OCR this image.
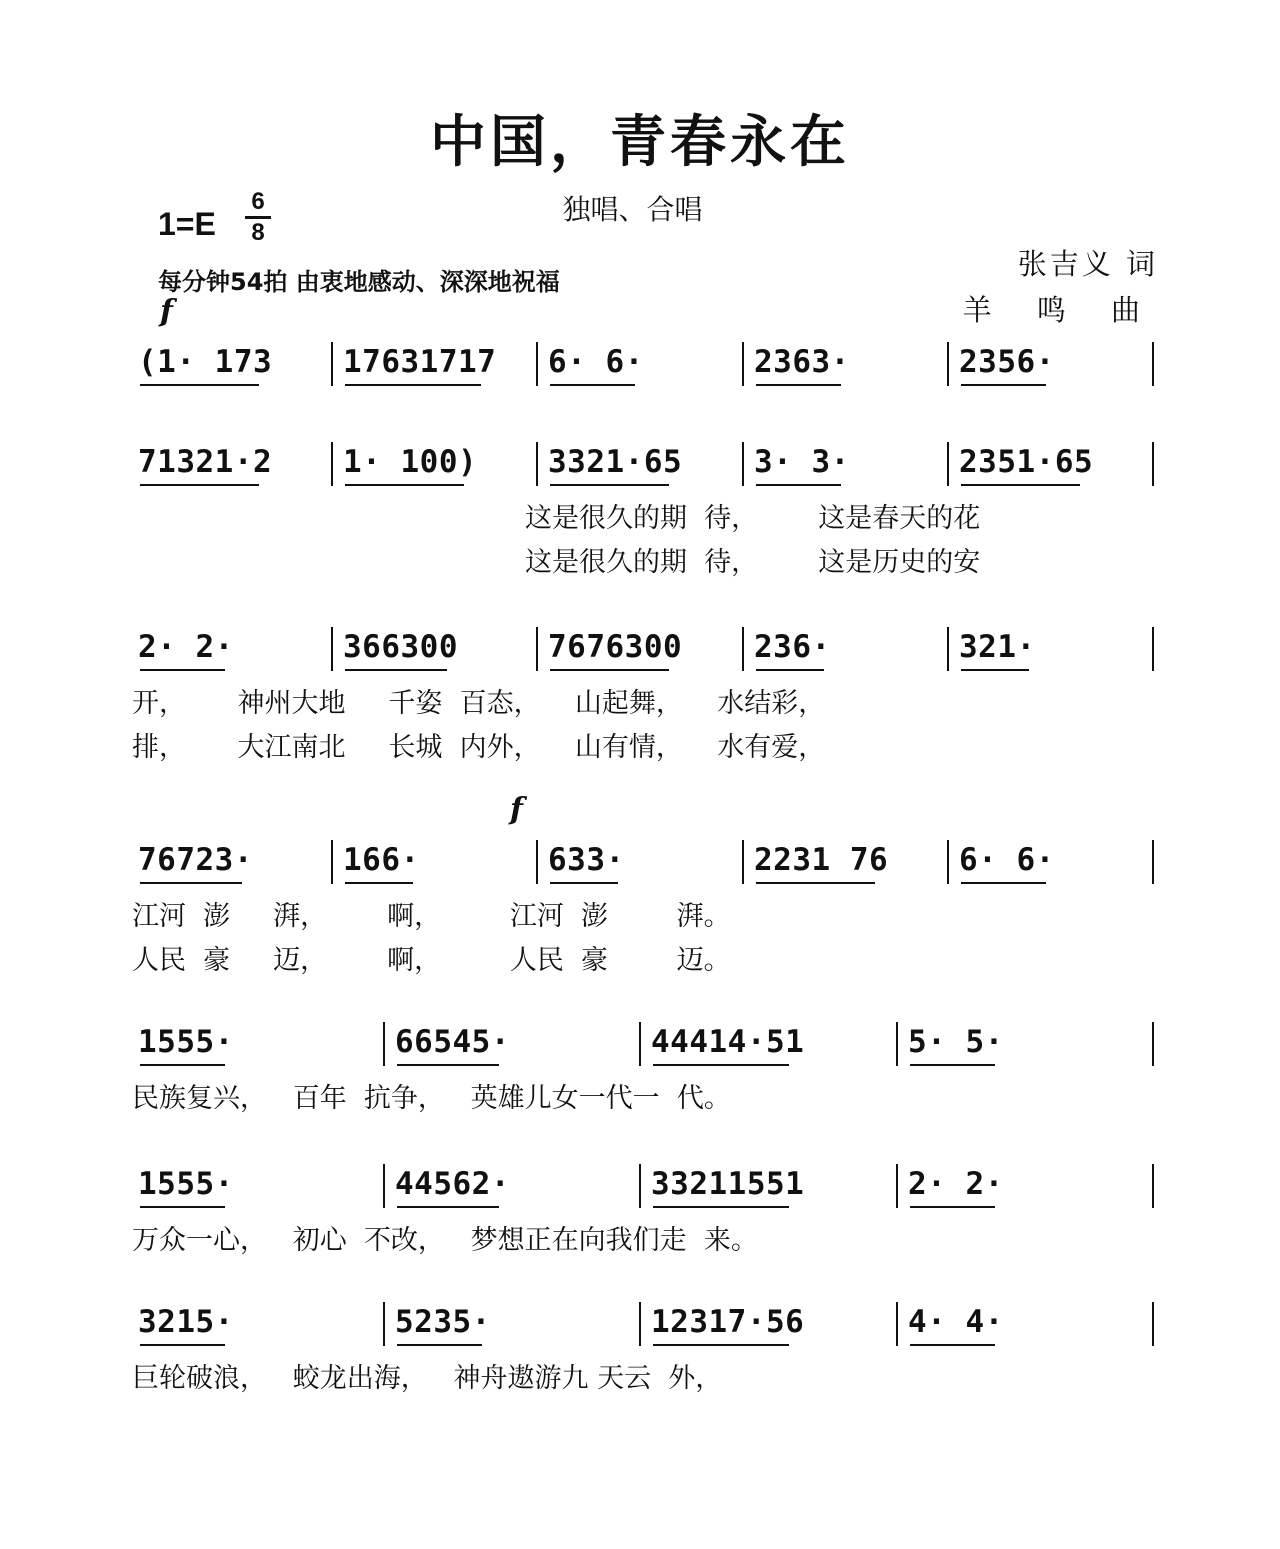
中国，青春永在
独唱、合唱
1=E
6
8
每分钟54拍 由衷地感动、深深地祝福
张吉义 词
羊 鸣 曲
f
(1· 173	17631717	6· 6·	2363·	2356·
71321·2	1· 100)	3321·65	3· 3·	2351·65
这是很久的期  待，       这是春天的花
这是很久的期  待，       这是历史的安
2· 2·	366300	7676300	236·	321·
开，      神州大地     千姿  百态，    山起舞，    水结彩，
排，      大江南北     长城  内外，    山有情，    水有爱，
f
76723·	166·	633·	2231 76	6· 6·
江河  澎     湃，       啊，        江河  澎        湃。
人民  豪     迈，       啊，        人民  豪        迈。
1555·	66545·	44414·51	5· 5·
民族复兴，   百年  抗争，   英雄儿女一代一  代。
1555·	44562·	33211551	2· 2·
万众一心，   初心  不改，   梦想正在向我们走  来。
3215·	5235·	12317·56	4· 4·
巨轮破浪，   蛟龙出海，   神舟遨游九 天云  外，
